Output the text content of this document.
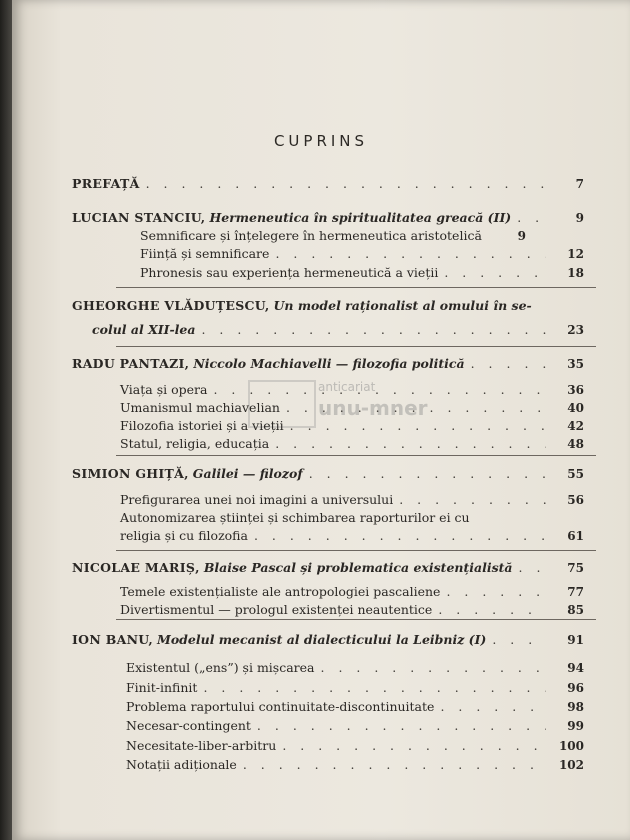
CUPRINS
anticariat
unu-mner
PREFAȚĂ . . .	7
LUCIAN STANCIU,
Hermeneutica în spiritualitatea greacă (II) . . .	9
Semnificare și înțelegere în hermeneutica aristotelică . . .	9
Ființă și semnificare . . .	12
Phronesis sau experiența hermeneutică a vieții . . .	18
GHEORGHE VLĂDUȚESCU,
Un model raționalist al omului în se-
colul al XII-lea . . .	23
RADU PANTAZI,
Niccolo Machiavelli — filozofia politică . . .	35
Viața și opera . . .	36
Umanismul machiavelian . . .	40
Filozofia istoriei și a vieții . . .	42
Statul, religia, educația . . .	48
SIMION GHIȚĂ,
Galilei — filozof . . .	55
Prefigurarea unei noi imagini a universului . . .	56
Autonomizarea științei și schimbarea raporturilor ei cu
religia și cu filozofia . . .	61
NICOLAE MARIȘ,
Blaise Pascal și problematica existențialistă . . .	75
Temele existențialiste ale antropologiei pascaliene . . .	77
Divertismentul — prologul existenței neautentice . . .	85
ION BANU,
Modelul mecanist al dialecticului la Leibniz (I) . . .	91
Existentul („ens”) și mișcarea . . .	94
Finit-infinit . . .	96
Problema raportului continuitate-discontinuitate . . .	98
Necesar-contingent . . .	99
Necesitate-liber-arbitru . . .	100
Notații adiționale . . .	102
